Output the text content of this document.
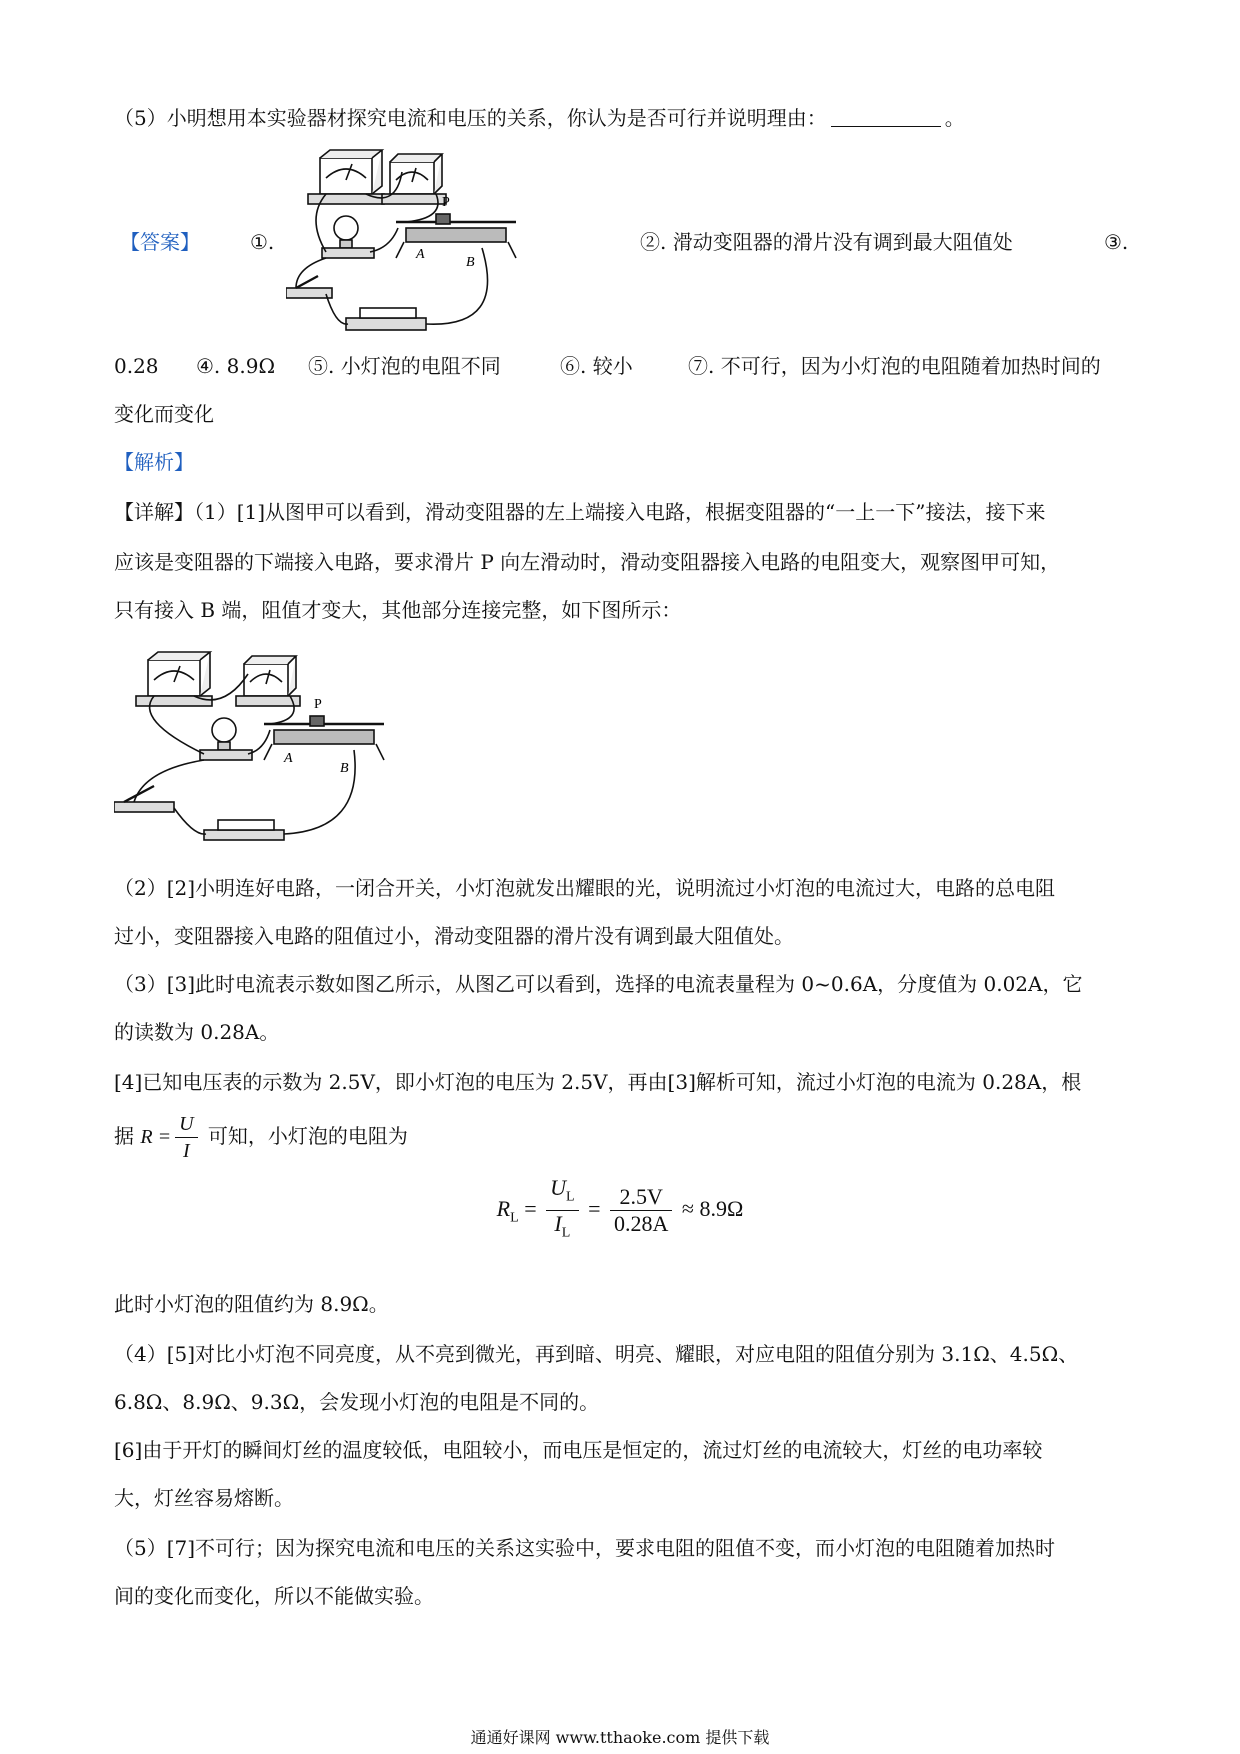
（5）小明想用本实验器材探究电流和电压的关系，你认为是否可行并说明理由：	。
【答案】	①.	②. 滑动变阻器的滑片没有调到最大阻值处	③.
P
A
B
0.28 ④. 8.9Ω ⑤. 小灯泡的电阻不同	⑥. 较小	⑦. 不可行，因为小灯泡的电阻随着加热时间的
变化而变化
【解析】
【详解】（1）[1]从图甲可以看到，滑动变阻器的左上端接入电路，根据变阻器的“一上一下”接法，接下来
应该是变阻器的下端接入电路，要求滑片 P 向左滑动时，滑动变阻器接入电路的电阻变大，观察图甲可知，
只有接入 B 端，阻值才变大，其他部分连接完整，如下图所示：
P
A
B
（2）[2]小明连好电路，一闭合开关，小灯泡就发出耀眼的光，说明流过小灯泡的电流过大，电路的总电阻
过小，变阻器接入电路的阻值过小，滑动变阻器的滑片没有调到最大阻值处。
（3）[3]此时电流表示数如图乙所示，从图乙可以看到，选择的电流表量程为 0~0.6A，分度值为 0.02A，它
的读数为 0.28A。
[4]已知电压表的示数为 2.5V，即小灯泡的电压为 2.5V，再由[3]解析可知，流过小灯泡的电流为 0.28A，根
据 $R = \frac{U}{I}$ 可知，小灯泡的电阻为
$R_L = \frac{U_L}{I_L} = \frac{2.5V}{0.28A} \approx 8.9\Omega$
此时小灯泡的阻值约为 8.9Ω。
（4）[5]对比小灯泡不同亮度，从不亮到微光，再到暗、明亮、耀眼，对应电阻的阻值分别为 3.1Ω、4.5Ω、
6.8Ω、8.9Ω、9.3Ω，会发现小灯泡的电阻是不同的。
[6]由于开灯的瞬间灯丝的温度较低，电阻较小，而电压是恒定的，流过灯丝的电流较大，灯丝的电功率较
大，灯丝容易熔断。
（5）[7]不可行；因为探究电流和电压的关系这实验中，要求电阻的阻值不变，而小灯泡的电阻随着加热时
间的变化而变化，所以不能做实验。
通通好课网 www.tthaoke.com 提供下载
